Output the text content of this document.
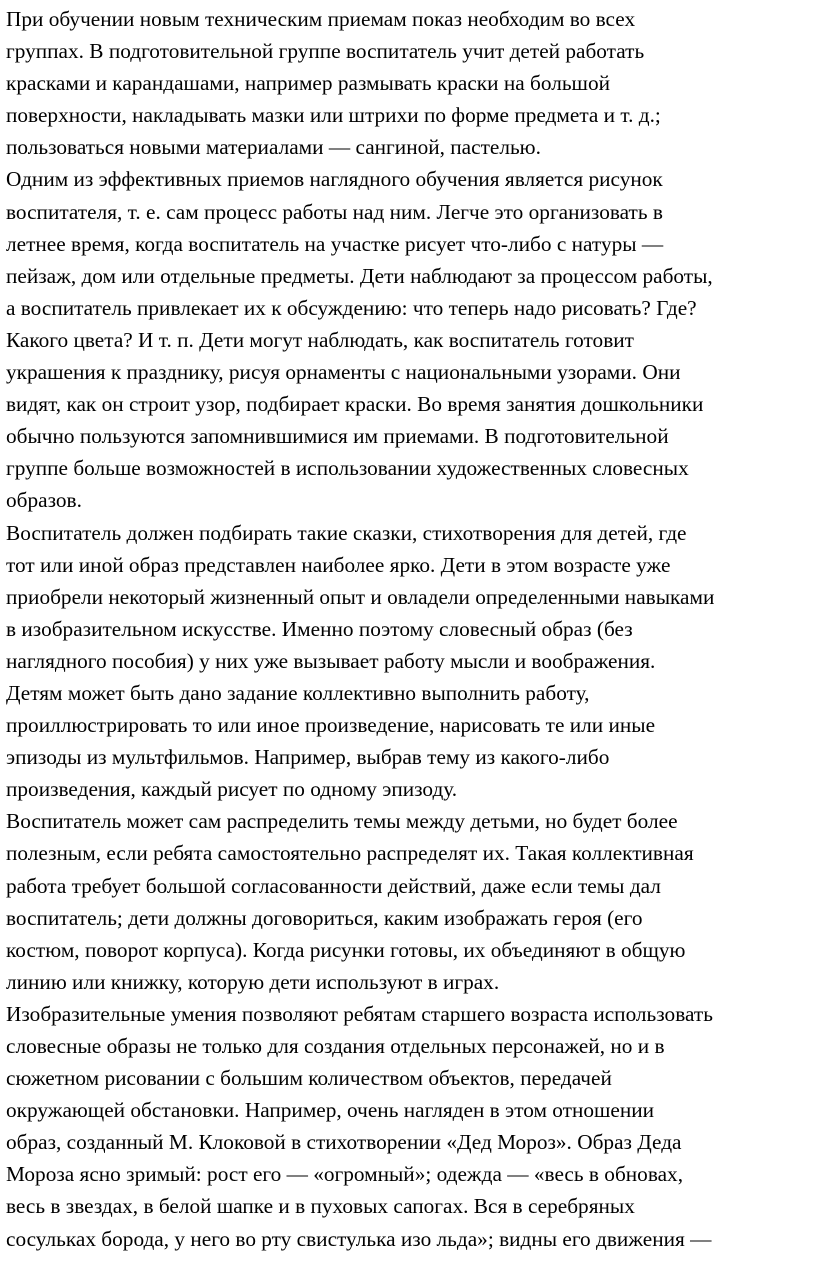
При обучении новым техническим приемам показ необходим во всех
группах. В подготовительной группе воспитатель учит детей работать
красками и карандашами, например размывать краски на большой
поверхности, накладывать мазки или штрихи по форме предмета и т. д.;
пользоваться новыми материалами — сангиной, пастелью.
Одним из эффективных приемов наглядного обучения является рисунок
воспитателя, т. е. сам процесс работы над ним. Легче это организовать в
летнее время, когда воспитатель на участке рисует что-либо с натуры —
пейзаж, дом или отдельные предметы. Дети наблюдают за процессом работы,
а воспитатель привлекает их к обсуждению: что теперь надо рисовать? Где?
Какого цвета? И т. п. Дети могут наблюдать, как воспитатель готовит
украшения к празднику, рисуя орнаменты с национальными узорами. Они
видят, как он строит узор, подбирает краски. Во время занятия дошкольники
обычно пользуются запомнившимися им приемами. В подготовительной
группе больше возможностей в использовании художественных словесных
образов.
Воспитатель должен подбирать такие сказки, стихотворения для детей, где
тот или иной образ представлен наиболее ярко. Дети в этом возрасте уже
приобрели некоторый жизненный опыт и овладели определенными навыками
в изобразительном искусстве. Именно поэтому словесный образ (без
наглядного пособия) у них уже вызывает работу мысли и воображения.
Детям может быть дано задание коллективно выполнить работу,
проиллюстрировать то или иное произведение, нарисовать те или иные
эпизоды из мультфильмов. Например, выбрав тему из какого-либо
произведения, каждый рисует по одному эпизоду.
Воспитатель может сам распределить темы между детьми, но будет более
полезным, если ребята самостоятельно распределят их. Такая коллективная
работа требует большой согласованности действий, даже если темы дал
воспитатель; дети должны договориться, каким изображать героя (его
костюм, поворот корпуса). Когда рисунки готовы, их объединяют в общую
линию или книжку, которую дети используют в играх.
Изобразительные умения позволяют ребятам старшего возраста использовать
словесные образы не только для создания отдельных персонажей, но и в
сюжетном рисовании с большим количеством объектов, передачей
окружающей обстановки. Например, очень нагляден в этом отношении
образ, созданный М. Клоковой в стихотворении «Дед Мороз». Образ Деда
Мороза ясно зримый: рост его — «огромный»; одежда — «весь в обновах,
весь в звездах, в белой шапке и в пуховых сапогах. Вся в серебряных
сосульках борода, у него во рту свистулька изо льда»; видны его движения —
